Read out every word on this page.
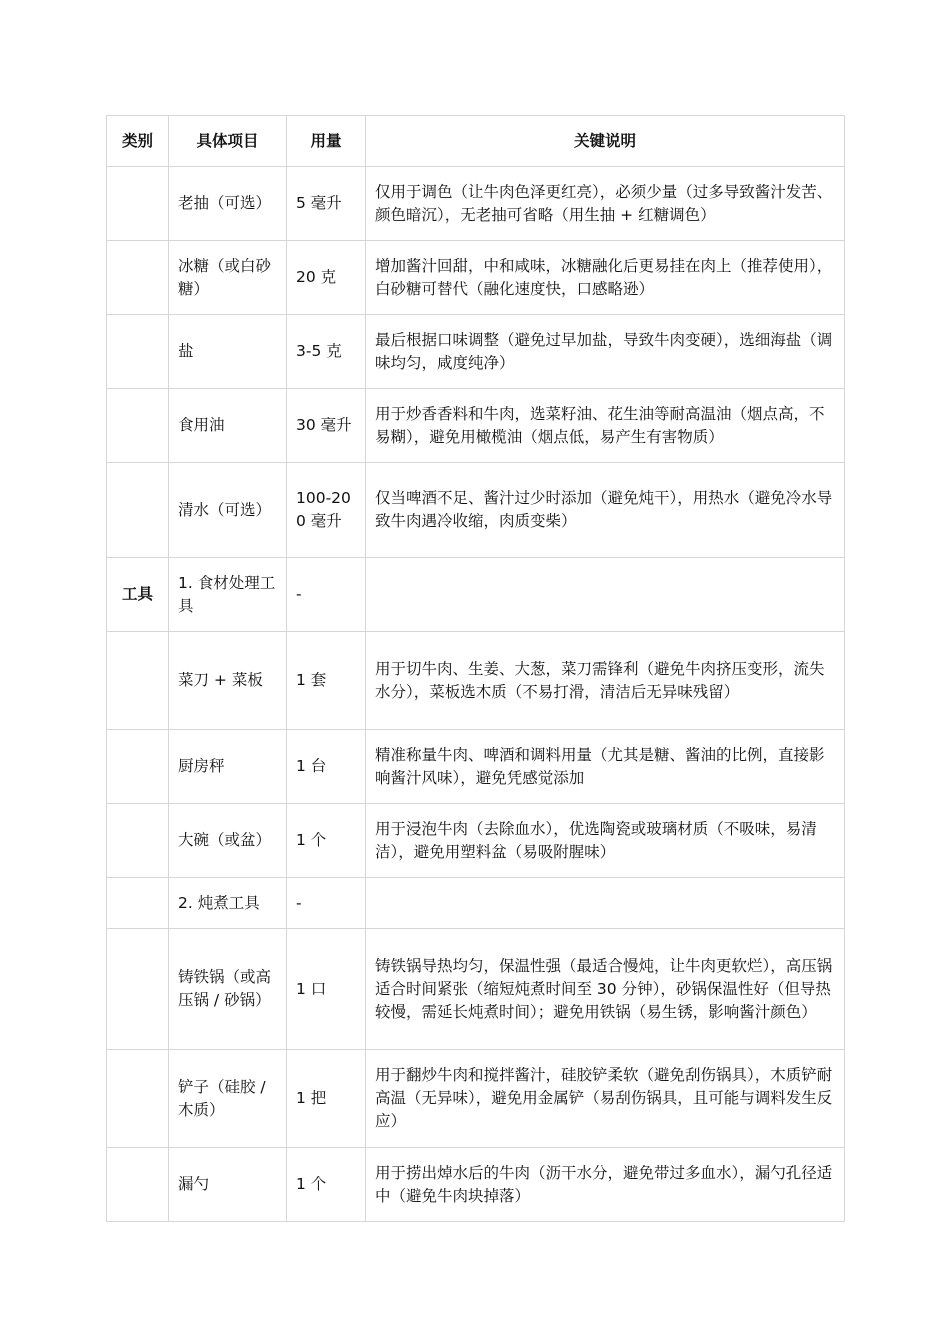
类别	具体项目	用量	关键说明
	老抽（可选）	5 毫升	仅用于调色（让牛肉色泽更红亮），必须少量（过多导致酱汁发苦、颜色暗沉），无老抽可省略（用生抽 + 红糖调色）
	冰糖（或白砂糖）	20 克	增加酱汁回甜，中和咸味，冰糖融化后更易挂在肉上（推荐使用），白砂糖可替代（融化速度快，口感略逊）
	盐	3-5 克	最后根据口味调整（避免过早加盐，导致牛肉变硬），选细海盐（调味均匀，咸度纯净）
	食用油	30 毫升	用于炒香香料和牛肉，选菜籽油、花生油等耐高温油（烟点高，不易糊），避免用橄榄油（烟点低，易产生有害物质）
	清水（可选）	100-200 毫升	仅当啤酒不足、酱汁过少时添加（避免炖干），用热水（避免冷水导致牛肉遇冷收缩，肉质变柴）
工具	1. 食材处理工具	-	
	菜刀 + 菜板	1 套	用于切牛肉、生姜、大葱，菜刀需锋利（避免牛肉挤压变形，流失水分），菜板选木质（不易打滑，清洁后无异味残留）
	厨房秤	1 台	精准称量牛肉、啤酒和调料用量（尤其是糖、酱油的比例，直接影响酱汁风味），避免凭感觉添加
	大碗（或盆）	1 个	用于浸泡牛肉（去除血水），优选陶瓷或玻璃材质（不吸味，易清洁），避免用塑料盆（易吸附腥味）
	2. 炖煮工具	-	
	铸铁锅（或高压锅 / 砂锅）	1 口	铸铁锅导热均匀，保温性强（最适合慢炖，让牛肉更软烂），高压锅适合时间紧张（缩短炖煮时间至 30 分钟），砂锅保温性好（但导热较慢，需延长炖煮时间）；避免用铁锅（易生锈，影响酱汁颜色）
	铲子（硅胶 / 木质）	1 把	用于翻炒牛肉和搅拌酱汁，硅胶铲柔软（避免刮伤锅具），木质铲耐高温（无异味），避免用金属铲（易刮伤锅具，且可能与调料发生反应）
	漏勺	1 个	用于捞出焯水后的牛肉（沥干水分，避免带过多血水），漏勺孔径适中（避免牛肉块掉落）
